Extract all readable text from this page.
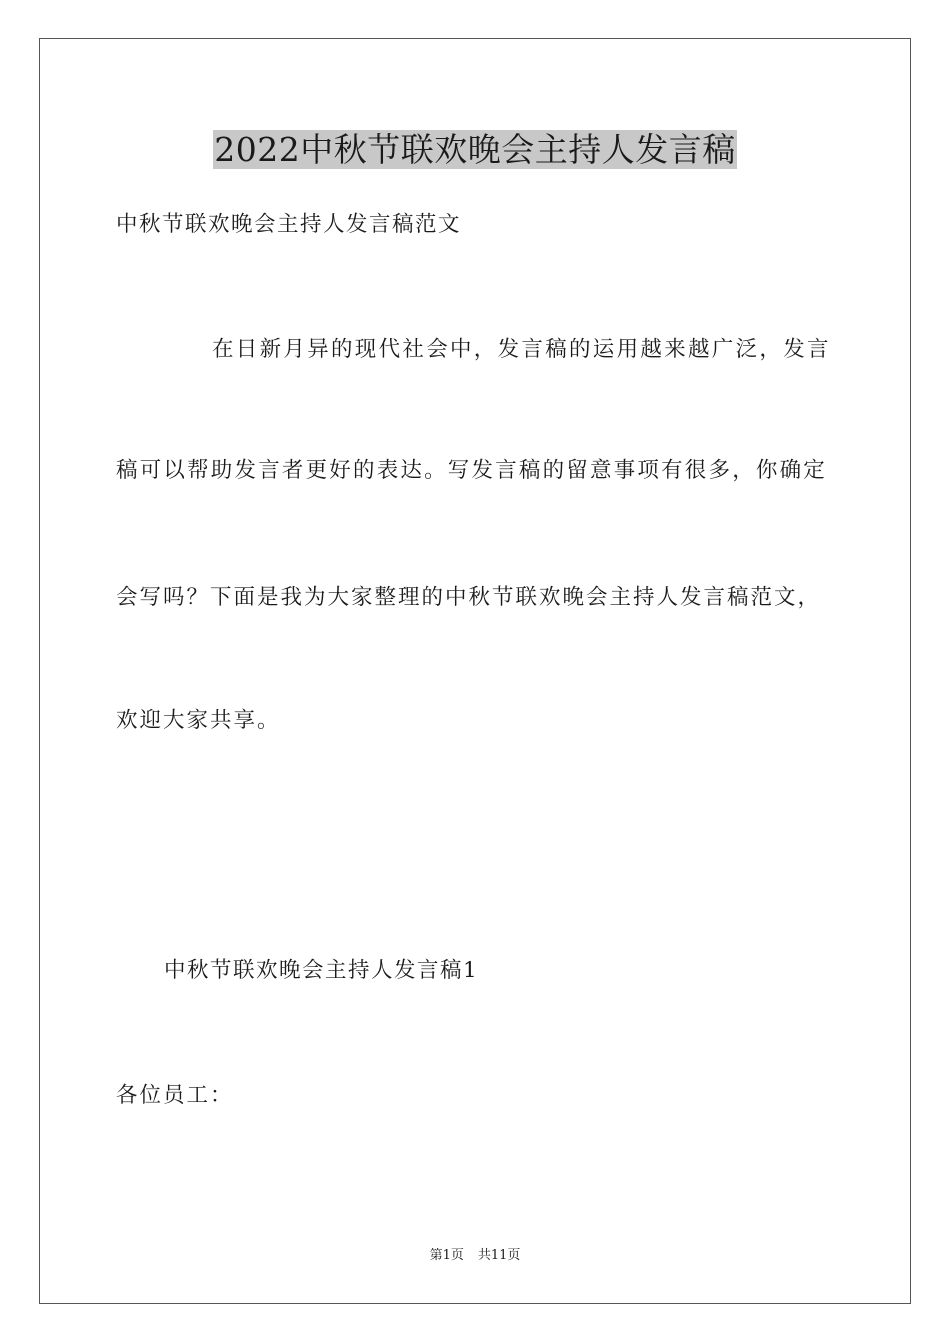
2022中秋节联欢晚会主持人发言稿
中秋节联欢晚会主持人发言稿范文
在日新月异的现代社会中，发言稿的运用越来越广泛，发言
稿可以帮助发言者更好的表达。写发言稿的留意事项有很多，你确定
会写吗？下面是我为大家整理的中秋节联欢晚会主持人发言稿范文，
欢迎大家共享。
中秋节联欢晚会主持人发言稿1
各位员工：
第1页 共11页
